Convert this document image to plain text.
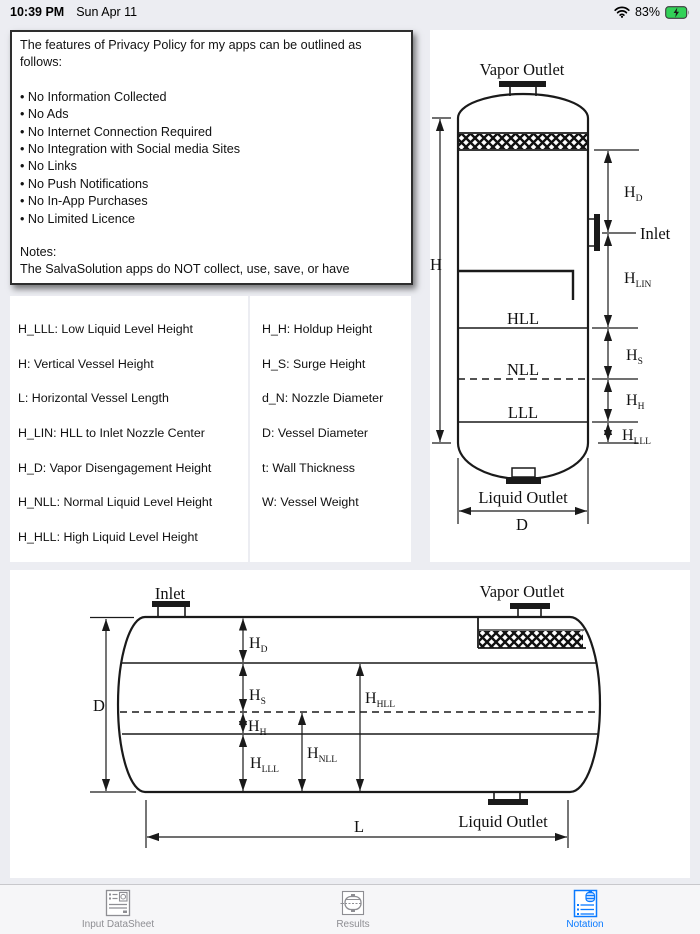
10:39 PM Sun Apr 11	83%
The features of Privacy Policy for my apps can be outlined as follows:
• No Information Collected
• No Ads
• No Internet Connection Required
• No Integration with Social media Sites
• No Links
• No Push Notifications
• No In-App Purchases
• No Limited Licence
Notes:
The SalvaSolution apps do NOT collect, use, save, or have
H_LLL: Low Liquid Level Height
H: Vertical Vessel Height
L: Horizontal Vessel Length
H_LIN: HLL to Inlet Nozzle Center
H_D: Vapor Disengagement Height
H_NLL: Normal Liquid Level Height
H_HLL: High Liquid Level Height
H_H: Holdup Height
H_S: Surge Height
d_N: Nozzle Diameter
D: Vessel Diameter
t: Wall Thickness
W: Vessel Weight
Vapor Outlet
H
Inlet
HLL
NLL
LLL
Liquid Outlet
D
$H_D$
$H_{LIN}$
$H_S$
$H_H$
$H_{LLL}$
Inlet	Vapor Outlet
D
Liquid Outlet
L
$H_D$
$H_S$
$H_H$
$H_{LLL}$
$H_{NLL}$
$H_{HLL}$
Input DataSheet	Results	Notation
